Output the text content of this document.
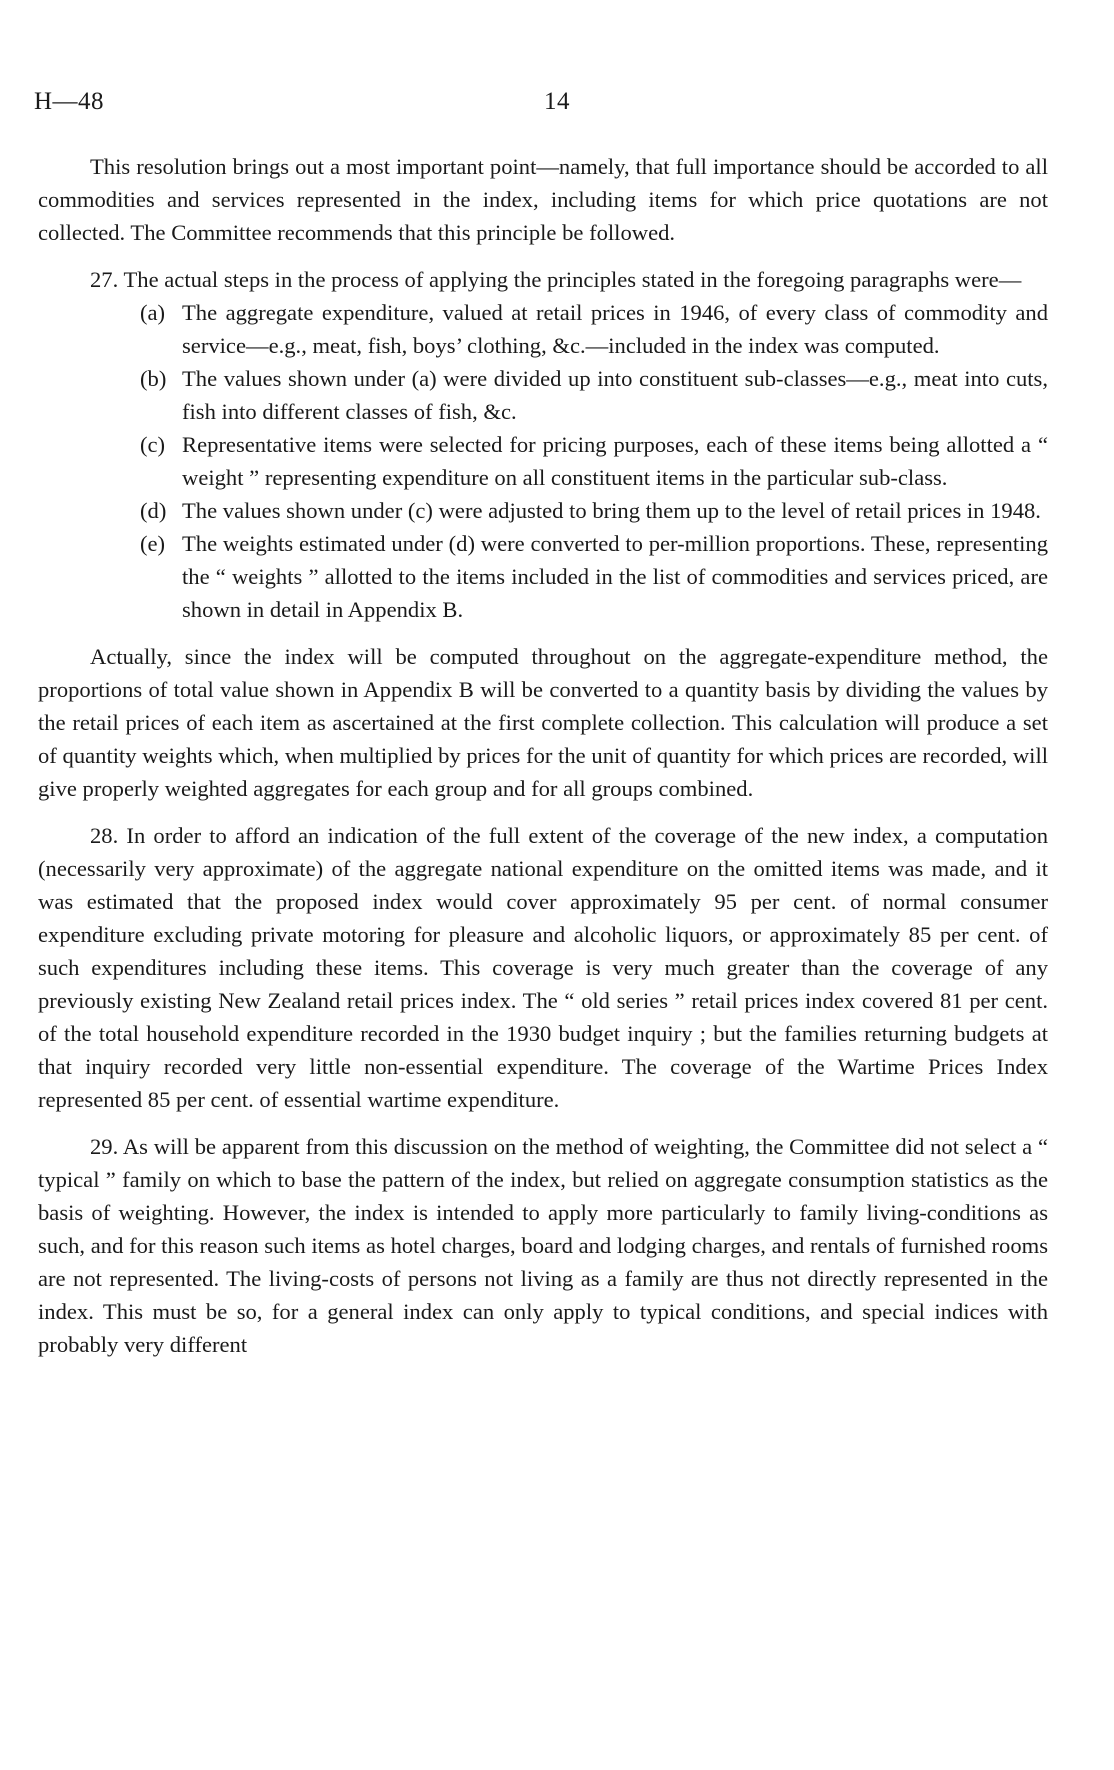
H—48	14

This resolution brings out a most important point—namely, that full importance should be accorded to all commodities and services represented in the index, including items for which price quotations are not collected. The Committee recommends that this principle be followed.

27. The actual steps in the process of applying the principles stated in the foregoing paragraphs were—

(a) The aggregate expenditure, valued at retail prices in 1946, of every class of commodity and service—e.g., meat, fish, boys’ clothing, &c.—included in the index was computed.

(b) The values shown under (a) were divided up into constituent sub-classes—e.g., meat into cuts, fish into different classes of fish, &c.

(c) Representative items were selected for pricing purposes, each of these items being allotted a “ weight ” representing expenditure on all constituent items in the particular sub-class.

(d) The values shown under (c) were adjusted to bring them up to the level of retail prices in 1948.

(e) The weights estimated under (d) were converted to per-million proportions. These, representing the “ weights ” allotted to the items included in the list of commodities and services priced, are shown in detail in Appendix B.

Actually, since the index will be computed throughout on the aggregate-expenditure method, the proportions of total value shown in Appendix B will be converted to a quantity basis by dividing the values by the retail prices of each item as ascertained at the first complete collection. This calculation will produce a set of quantity weights which, when multiplied by prices for the unit of quantity for which prices are recorded, will give properly weighted aggregates for each group and for all groups combined.

28. In order to afford an indication of the full extent of the coverage of the new index, a computation (necessarily very approximate) of the aggregate national expenditure on the omitted items was made, and it was estimated that the proposed index would cover approximately 95 per cent. of normal consumer expenditure excluding private motoring for pleasure and alcoholic liquors, or approximately 85 per cent. of such expenditures including these items. This coverage is very much greater than the coverage of any previously existing New Zealand retail prices index. The “ old series ” retail prices index covered 81 per cent. of the total household expenditure recorded in the 1930 budget inquiry ; but the families returning budgets at that inquiry recorded very little non-essential expenditure. The coverage of the Wartime Prices Index represented 85 per cent. of essential wartime expenditure.

29. As will be apparent from this discussion on the method of weighting, the Committee did not select a “ typical ” family on which to base the pattern of the index, but relied on aggregate consumption statistics as the basis of weighting. However, the index is intended to apply more particularly to family living-conditions as such, and for this reason such items as hotel charges, board and lodging charges, and rentals of furnished rooms are not represented. The living-costs of persons not living as a family are thus not directly represented in the index. This must be so, for a general index can only apply to typical conditions, and special indices with probably very different
